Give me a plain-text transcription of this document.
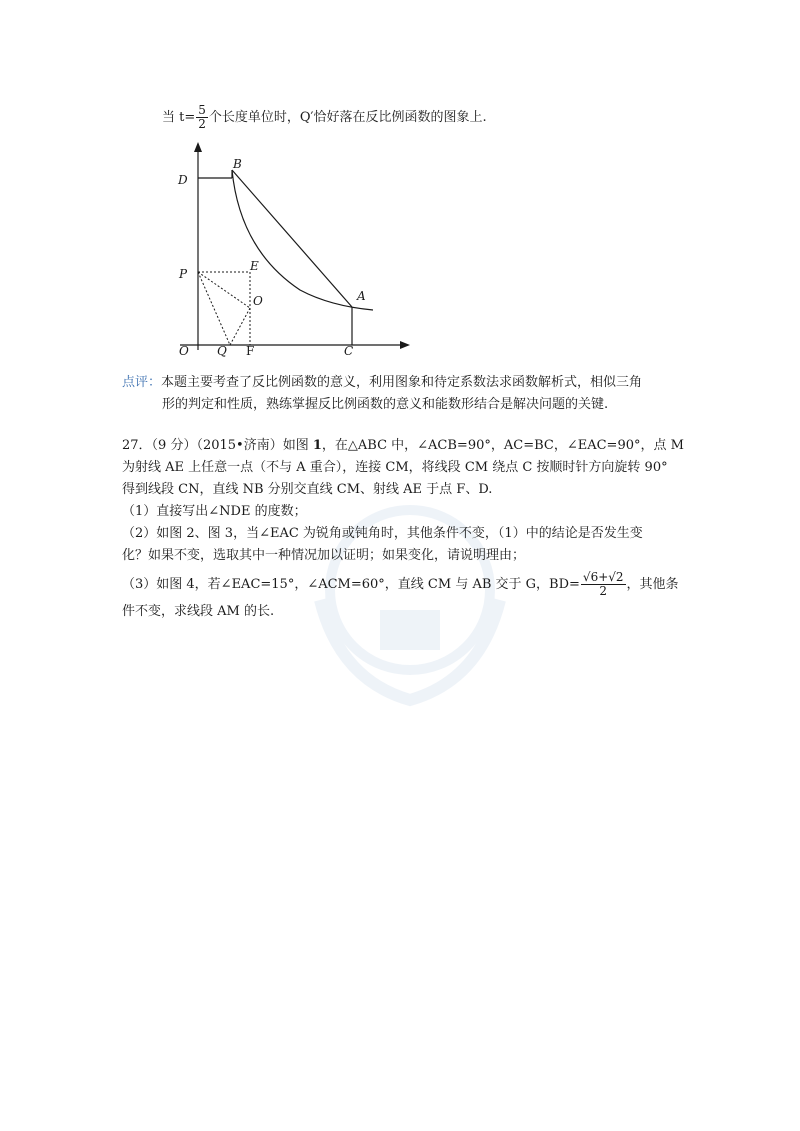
当 $t= \frac{5}{2}$ 个长度单位时，Q′恰好落在反比例函数的图象上.
D
B
P
E
O	A
O Q F	C
点评：本题主要考查了反比例函数的意义，利用图象和待定系数法求函数解析式，相似三角
形的判定和性质，熟练掌握反比例函数的意义和能数形结合是解决问题的关键.
27．（9 分）（2015•济南）如图 1，在△ABC 中，∠ACB=90°，AC=BC，∠EAC=90°，点 M
为射线 AE 上任意一点（不与 A 重合），连接 CM，将线段 CM 绕点 C 按顺时针方向旋转 90°
得到线段 CN，直线 NB 分别交直线 CM、射线 AE 于点 F、D.
（1）直接写出∠NDE 的度数；
（2）如图 2、图 3，当∠EAC 为锐角或钝角时，其他条件不变，（1）中的结论是否发生变
化？如果不变，选取其中一种情况加以证明；如果变化，请说明理由；
（3）如图 4，若∠EAC=15°，∠ACM=60°，直线 CM 与 AB 交于 G，$BD= \frac{√6+√2}{2}$ ，其他条
件不变，求线段 AM 的长.
